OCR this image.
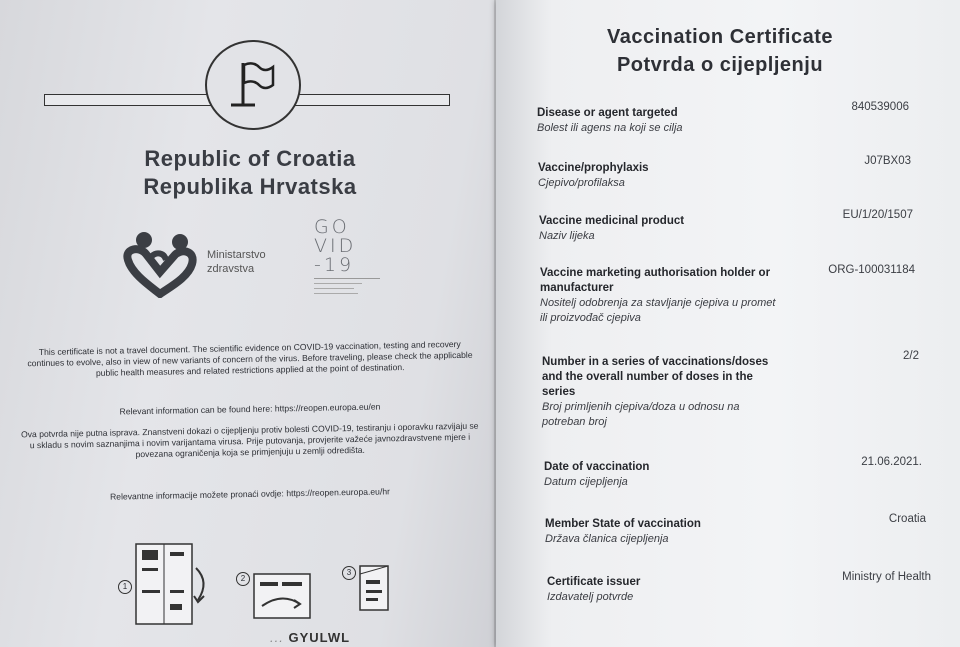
Republic of Croatia
Republika Hrvatska
Ministarstvo
zdravstva
GO
VID
-19
This certificate is not a travel document. The scientific evidence on COVID-19 vaccination, testing and recovery continues to evolve, also in view of new variants of concern of the virus. Before traveling, please check the applicable public health measures and related restrictions applied at the point of destination.
Relevant information can be found here: https://reopen.europa.eu/en
Ova potvrda nije putna isprava. Znanstveni dokazi o cijepljenju protiv bolesti COVID-19, testiranju i oporavku razvijaju se u skladu s novim saznanjima i novim varijantama virusa. Prije putovanja, provjerite važeće javnozdravstvene mjere i povezana ograničenja koja se primjenjuju u zemlji odredišta.
Relevantne informacije možete pronaći ovdje: https://reopen.europa.eu/hr
1
2
3
... GYULWL
Vaccination Certificate
Potvrda o cijepljenju
Disease or agent targeted
Bolest ili agens na koji se cilja
840539006
Vaccine/prophylaxis
Cjepivo/profilaksa
J07BX03
Vaccine medicinal product
Naziv lijeka
EU/1/20/1507
Vaccine marketing authorisation holder or manufacturer
Nositelj odobrenja za stavljanje cjepiva u promet ili proizvođač cjepiva
ORG-100031184
Number in a series of vaccinations/doses and the overall number of doses in the series
Broj primljenih cjepiva/doza u odnosu na potreban broj
2/2
Date of vaccination
Datum cijepljenja
21.06.2021.
Member State of vaccination
Država članica cijepljenja
Croatia
Certificate issuer
Izdavatelj potvrde
Ministry of Health
